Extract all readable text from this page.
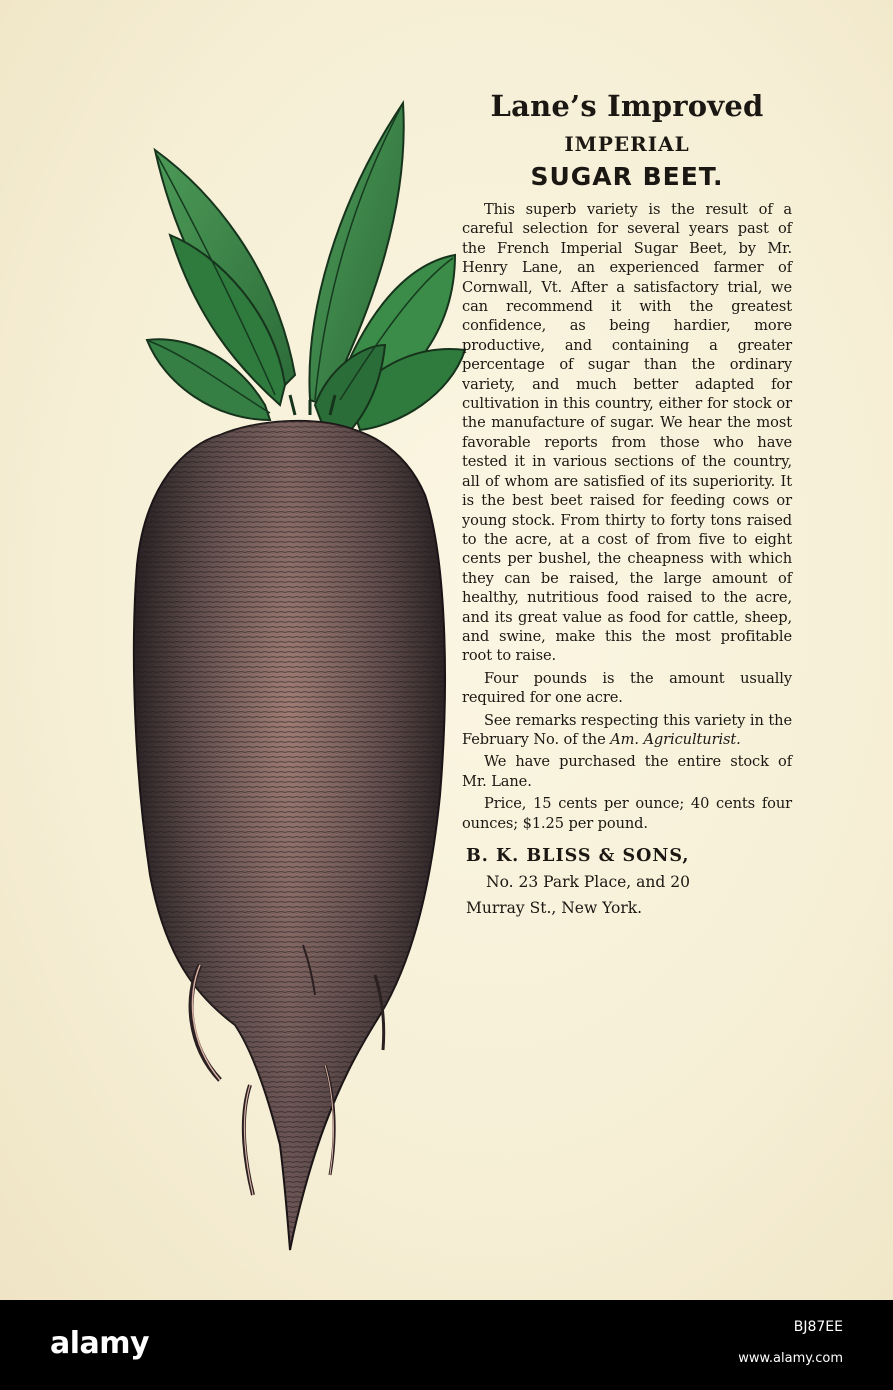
Lane’s Improved
IMPERIAL
SUGAR BEET.

This superb variety is the result of a careful selection for several years past of the French Imperial Sugar Beet, by Mr. Henry Lane, an experienced farmer of Cornwall, Vt. After a satisfactory trial, we can recommend it with the greatest confidence, as being hardier, more productive, and containing a greater percentage of sugar than the ordinary variety, and much better adapted for cultivation in this country, either for stock or the manufacture of sugar. We hear the most favorable reports from those who have tested it in various sections of the country, all of whom are satisfied of its superiority. It is the best beet raised for feeding cows or young stock. From thirty to forty tons raised to the acre, at a cost of from five to eight cents per bushel, the cheapness with which they can be raised, the large amount of healthy, nutritious food raised to the acre, and its great value as food for cattle, sheep, and swine, make this the most profitable root to raise.

Four pounds is the amount usually required for one acre.

See remarks respecting this variety in the February No. of the Am. Agriculturist.

We have purchased the entire stock of Mr. Lane.

Price, 15 cents per ounce; 40 cents four ounces; $1.25 per pound.

B. K. BLISS & SONS,
No. 23 Park Place, and 20
Murray St., New York.
alamy	BJ87EE
www.alamy.com
